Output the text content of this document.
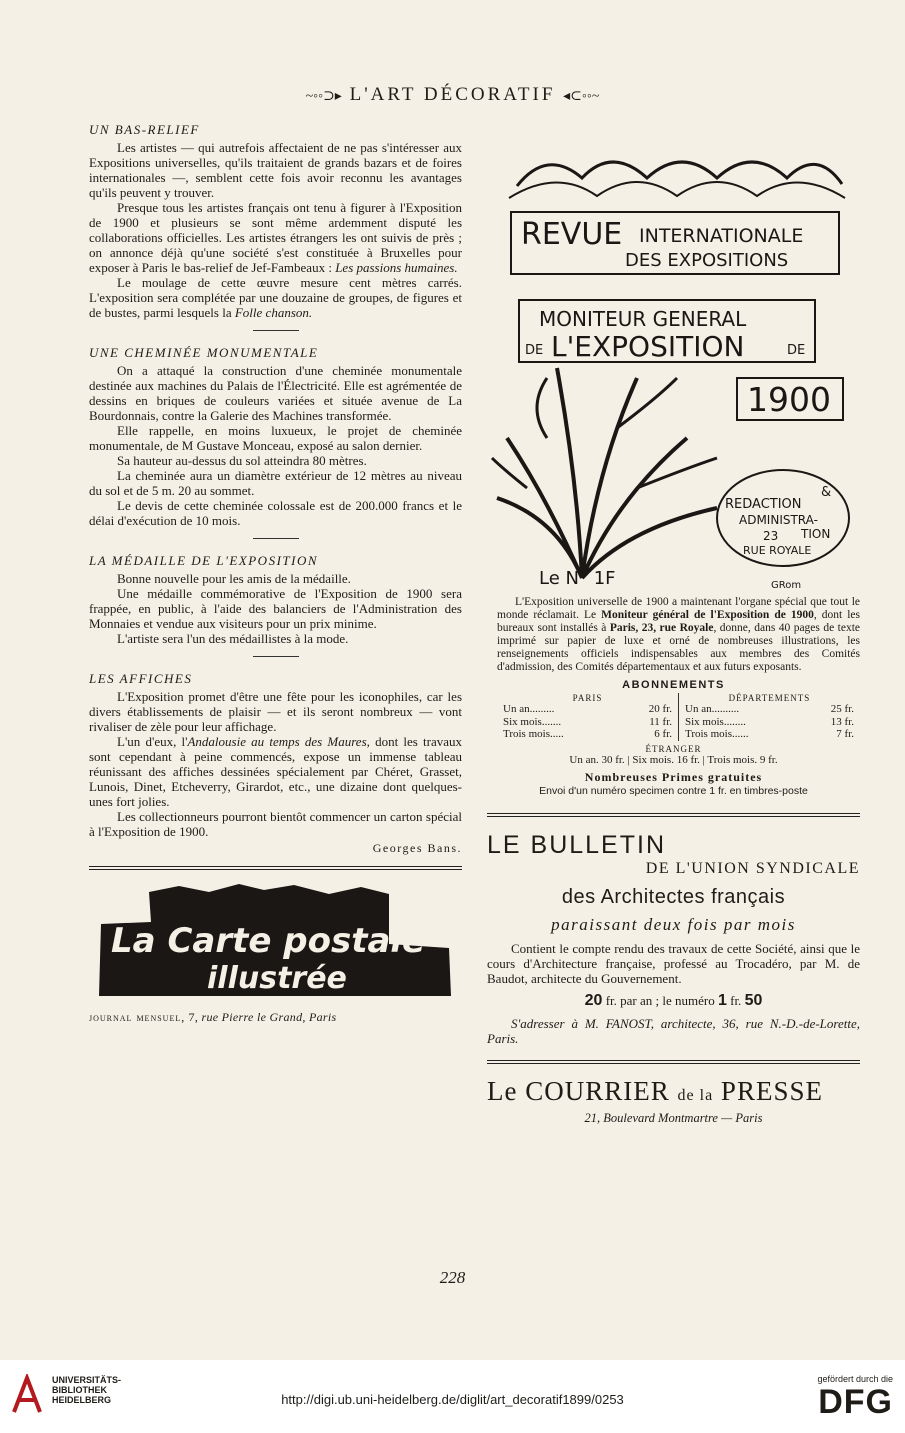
~◦◦⊃▸ L'ART DÉCORATIF ◂⊂◦◦~
UN BAS-RELIEF

Les artistes — qui autrefois affectaient de ne pas s'intéresser aux Expositions universelles, qu'ils traitaient de grands bazars et de foires internationales —, semblent cette fois avoir reconnu les avantages qu'ils peuvent y trouver.

Presque tous les artistes français ont tenu à figurer à l'Exposition de 1900 et plusieurs se sont même ardemment disputé les collaborations officielles. Les artistes étrangers les ont suivis de près ; on annonce déjà qu'une société s'est constituée à Bruxelles pour exposer à Paris le bas-relief de Jef-Fambeaux : Les passions humaines.

Le moulage de cette œuvre mesure cent mètres carrés. L'exposition sera complétée par une douzaine de groupes, de figures et de bustes, parmi lesquels la Folle chanson.

UNE CHEMINÉE MONUMENTALE

On a attaqué la construction d'une cheminée monumentale destinée aux machines du Palais de l'Électricité. Elle est agrémentée de dessins en briques de couleurs variées et située avenue de La Bourdonnais, contre la Galerie des Machines transformée.

Elle rappelle, en moins luxueux, le projet de cheminée monumentale, de M Gustave Monceau, exposé au salon dernier.

Sa hauteur au-dessus du sol atteindra 80 mètres.

La cheminée aura un diamètre extérieur de 12 mètres au niveau du sol et de 5 m. 20 au sommet.

Le devis de cette cheminée colossale est de 200.000 francs et le délai d'exécution de 10 mois.

LA MÉDAILLE DE L'EXPOSITION

Bonne nouvelle pour les amis de la médaille.

Une médaille commémorative de l'Exposition de 1900 sera frappée, en public, à l'aide des balanciers de l'Administration des Monnaies et vendue aux visiteurs pour un prix minime.

L'artiste sera l'un des médaillistes à la mode.

LES AFFICHES

L'Exposition promet d'être une fête pour les iconophiles, car les divers établissements de plaisir — et ils seront nombreux — vont rivaliser de zèle pour leur affichage.

L'un d'eux, l'Andalousie au temps des Maures, dont les travaux sont cependant à peine commencés, expose un immense tableau réunissant des affiches dessinées spécialement par Chéret, Grasset, Lunois, Dinet, Etcheverry, Girardot, etc., une dizaine dont quelques-unes fort jolies.

Les collectionneurs pourront bientôt commencer un carton spécial à l'Exposition de 1900.

Georges Bans.
La Carte postale
illustrée
journal mensuel, 7, rue Pierre le Grand, Paris
REVUE INTERNATIONALE
DES EXPOSITIONS
MONITEUR GENERAL
DE L'EXPOSITION	DE
1900
REDACTION
&
ADMINISTRA-
TION
23
RUE ROYALE
Le N° 1F	GRom

L'Exposition universelle de 1900 a maintenant l'organe spécial que tout le monde réclamait. Le Moniteur général de l'Exposition de 1900, dont les bureaux sont installés à Paris, 23, rue Royale, donne, dans 40 pages de texte imprimé sur papier de luxe et orné de nombreuses illustrations, les renseignements officiels indispensables aux membres des Comités d'admission, des Comités départementaux et aux futurs exposants.

ABONNEMENTS
PARIS
Un an.........	20 fr.
Six mois.......	11 fr.
Trois mois.....	6 fr.
DÉPARTEMENTS
Un an..........	25 fr.
Six mois........	13 fr.
Trois mois......	7 fr.
ÉTRANGER
Un an. 30 fr. | Six mois. 16 fr. | Trois mois. 9 fr.
Nombreuses Primes gratuites
Envoi d'un numéro specimen contre 1 fr. en timbres-poste
LE BULLETIN
DE L'UNION SYNDICALE
des Architectes français
paraissant deux fois par mois

Contient le compte rendu des travaux de cette Société, ainsi que le cours d'Architecture française, professé au Trocadéro, par M. de Baudot, architecte du Gouvernement.

20 fr. par an ; le numéro 1 fr. 50
S'adresser à M. FANOST, architecte, 36, rue N.-D.-de-Lorette, Paris.
Le COURRIER de la PRESSE
21, Boulevard Montmartre — Paris
228
UNIVERSITÄTS-
BIBLIOTHEK
HEIDELBERG	http://digi.ub.uni-heidelberg.de/diglit/art_decoratif1899/0253
gefördert durch die
DFG
